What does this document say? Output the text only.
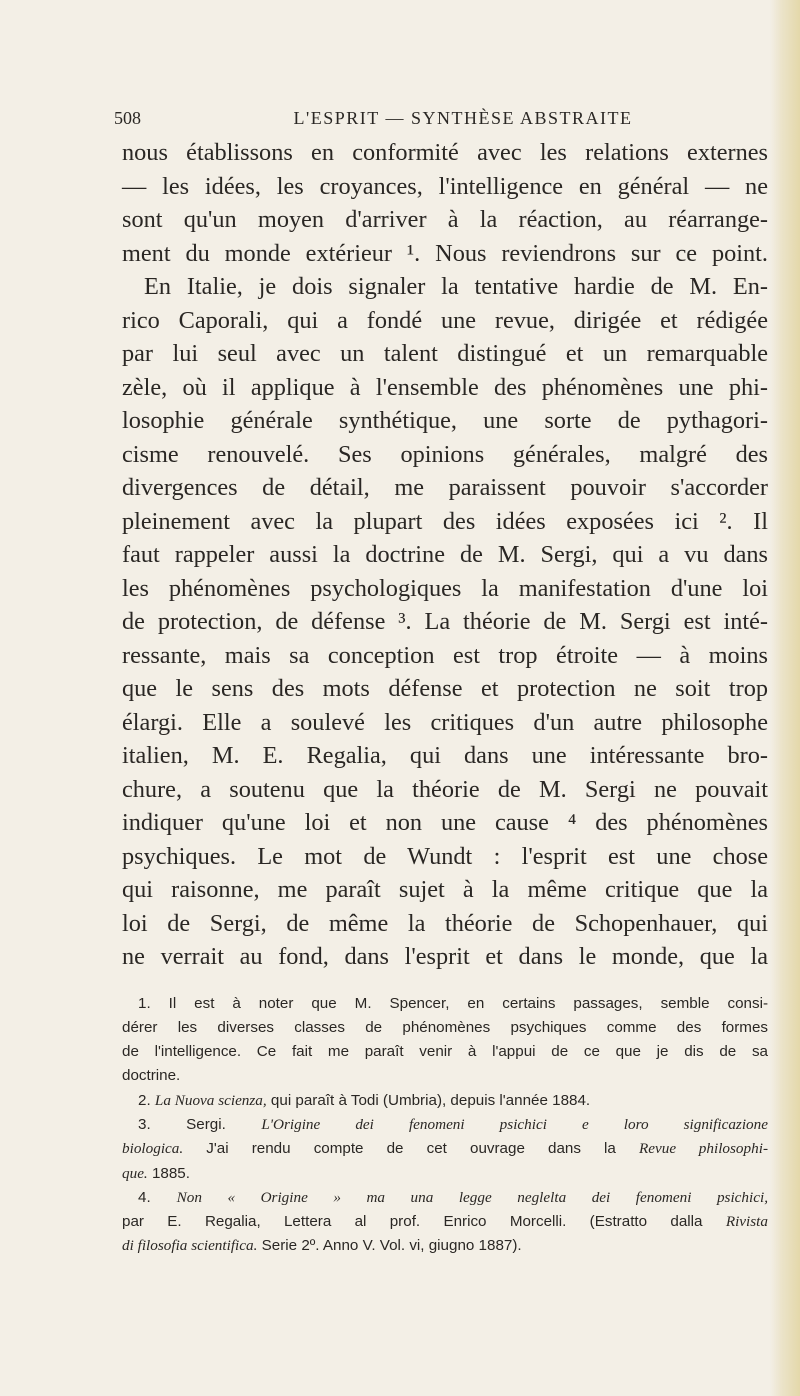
508	L'ESPRIT — SYNTHÈSE ABSTRAITE
nous établissons en conformité avec les relations externes
— les idées, les croyances, l'intelligence en général — ne
sont qu'un moyen d'arriver à la réaction, au réarrange-
ment du monde extérieur ¹. Nous reviendrons sur ce point.
En Italie, je dois signaler la tentative hardie de M. En-
rico Caporali, qui a fondé une revue, dirigée et rédigée
par lui seul avec un talent distingué et un remarquable
zèle, où il applique à l'ensemble des phénomènes une phi-
losophie générale synthétique, une sorte de pythagori-
cisme renouvelé. Ses opinions générales, malgré des
divergences de détail, me paraissent pouvoir s'accorder
pleinement avec la plupart des idées exposées ici ². Il
faut rappeler aussi la doctrine de M. Sergi, qui a vu dans
les phénomènes psychologiques la manifestation d'une loi
de protection, de défense ³. La théorie de M. Sergi est inté-
ressante, mais sa conception est trop étroite — à moins
que le sens des mots défense et protection ne soit trop
élargi. Elle a soulevé les critiques d'un autre philosophe
italien, M. E. Regalia, qui dans une intéressante bro-
chure, a soutenu que la théorie de M. Sergi ne pouvait
indiquer qu'une loi et non une cause ⁴ des phénomènes
psychiques. Le mot de Wundt : l'esprit est une chose
qui raisonne, me paraît sujet à la même critique que la
loi de Sergi, de même la théorie de Schopenhauer, qui
ne verrait au fond, dans l'esprit et dans le monde, que la
1. Il est à noter que M. Spencer, en certains passages, semble consi-
dérer les diverses classes de phénomènes psychiques comme des formes
de l'intelligence. Ce fait me paraît venir à l'appui de ce que je dis de sa
doctrine.
2. La Nuova scienza, qui paraît à Todi (Umbria), depuis l'année 1884.
3. Sergi. L'Origine dei fenomeni psichici e loro significazione
biologica. J'ai rendu compte de cet ouvrage dans la Revue philosophi-
que. 1885.
4. Non « Origine » ma una legge neglelta dei fenomeni psichici,
par E. Regalia, Lettera al prof. Enrico Morcelli. (Estratto dalla Rivista
di filosofia scientifica. Serie 2º. Anno V. Vol. vi, giugno 1887).
